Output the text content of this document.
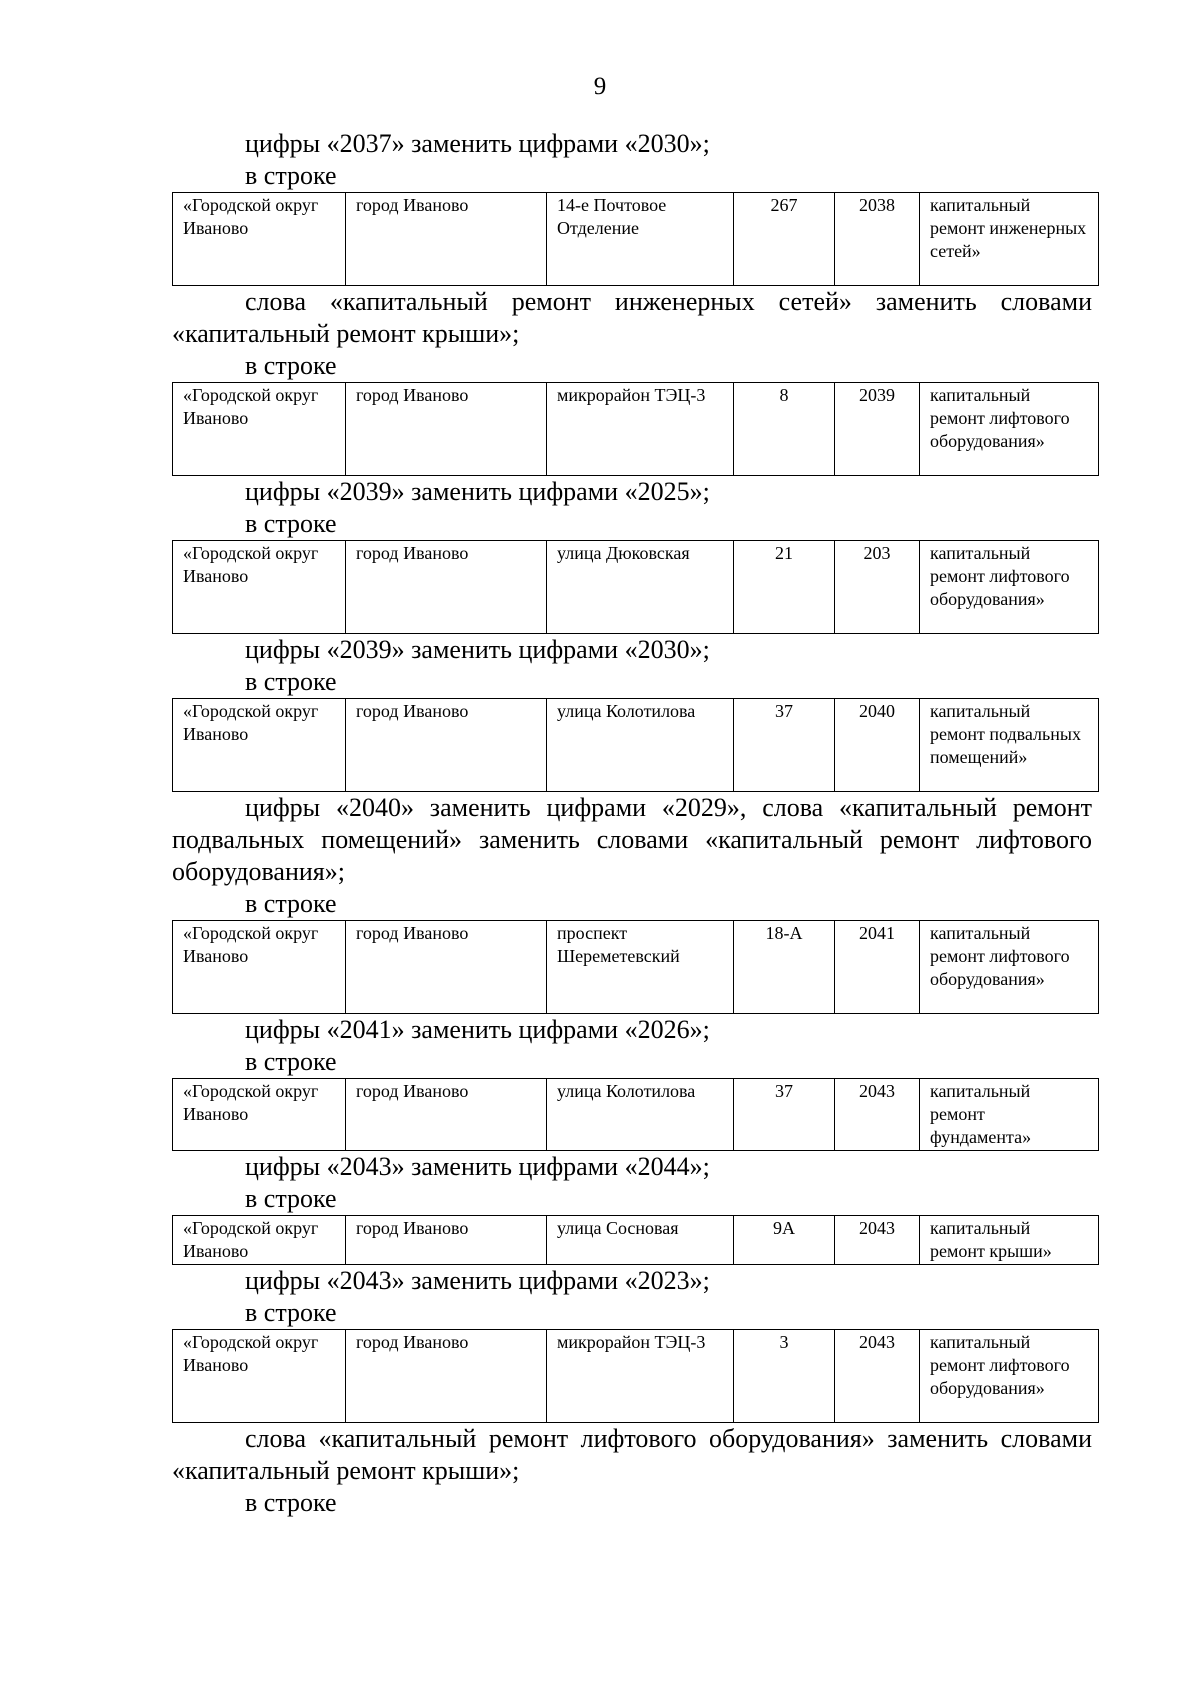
9

цифры «2037» заменить цифрами «2030»;

в строке

«Городской округ Иваново	город Иваново	14-е Почтовое Отделение	267	2038	капитальный ремонт инженерных сетей»

слова «капитальный ремонт инженерных сетей» заменить словами «капитальный ремонт крыши»;

в строке

«Городской округ Иваново	город Иваново	микрорайон ТЭЦ-3	8	2039	капитальный ремонт лифтового оборудования»

цифры «2039» заменить цифрами «2025»;

в строке

«Городской округ Иваново	город Иваново	улица Дюковская	21	203	капитальный ремонт лифтового оборудования»

цифры «2039» заменить цифрами «2030»;

в строке

«Городской округ Иваново	город Иваново	улица Колотилова	37	2040	капитальный ремонт подвальных помещений»

цифры «2040» заменить цифрами «2029», слова «капитальный ремонт подвальных помещений» заменить словами «капитальный ремонт лифтового оборудования»;

в строке

«Городской округ Иваново	город Иваново	проспект Шереметевский	18-А	2041	капитальный ремонт лифтового оборудования»

цифры «2041» заменить цифрами «2026»;

в строке

«Городской округ Иваново	город Иваново	улица Колотилова	37	2043	капитальный ремонт фундамента»

цифры «2043» заменить цифрами «2044»;

в строке

«Городской округ Иваново	город Иваново	улица Сосновая	9А	2043	капитальный ремонт крыши»

цифры «2043» заменить цифрами «2023»;

в строке

«Городской округ Иваново	город Иваново	микрорайон ТЭЦ-3	3	2043	капитальный ремонт лифтового оборудования»

слова «капитальный ремонт лифтового оборудования» заменить словами «капитальный ремонт крыши»;

в строке
